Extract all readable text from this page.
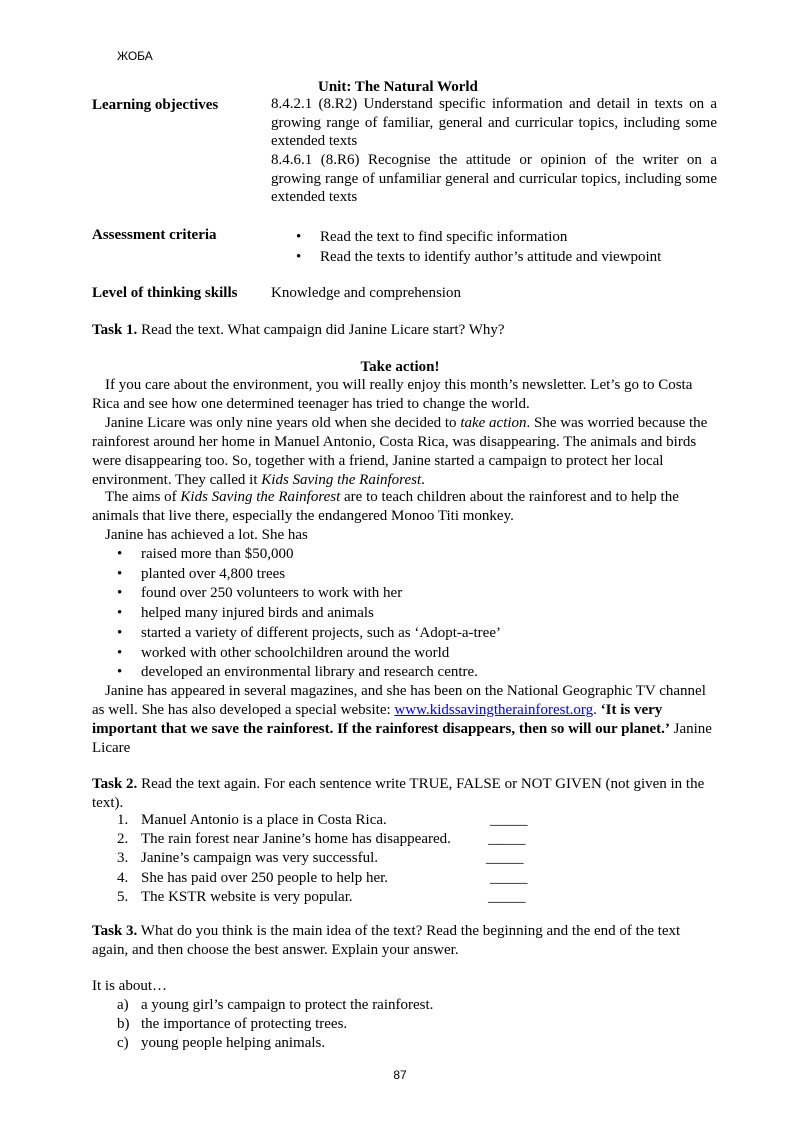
ЖОБА
Unit: The Natural World
Learning objectives	8.4.2.1 (8.R2) Understand specific information and detail in texts on a growing range of familiar, general and curricular topics, including some extended texts
8.4.6.1 (8.R6) Recognise the attitude or opinion of the writer on a growing range of unfamiliar general and curricular topics, including some extended texts
Assessment criteria
•	Read the text to find specific information
• Read the texts to identify author’s attitude and viewpoint
Level of thinking skills Knowledge and comprehension
Task 1. Read the text. What campaign did Janine Licare start? Why?
Take action!
If you care about the environment, you will really enjoy this month’s newsletter. Let’s go to Costa Rica and see how one determined teenager has tried to change the world.
Janine Licare was only nine years old when she decided to take action. She was worried because the rainforest around her home in Manuel Antonio, Costa Rica, was disappearing. The animals and birds were disappearing too. So, together with a friend, Janine started a campaign to protect her local environment. They called it Kids Saving the Rainforest.
The aims of Kids Saving the Rainforest are to teach children about the rainforest and to help the animals that live there, especially the endangered Monoo Titi monkey.
Janine has achieved a lot. She has
• raised more than $50,000
• planted over 4,800 trees
• found over 250 volunteers to work with her
• helped many injured birds and animals
• started a variety of different projects, such as ‘Adopt-a-tree’
• worked with other schoolchildren around the world
• developed an environmental library and research centre.
Janine has appeared in several magazines, and she has been on the National Geographic TV channel as well. She has also developed a special website: www.kidssavingtherainforest.org. ‘It is very important that we save the rainforest. If the rainforest disappears, then so will our planet.’ Janine Licare
Task 2. Read the text again. For each sentence write TRUE, FALSE or NOT GIVEN (not given in the text).
1. Manuel Antonio is a place in Costa Rica.	_____
2. The rain forest near Janine’s home has disappeared. _____
3. Janine’s campaign was very successful.	_____
4. She has paid over 250 people to help her.	_____
5. The KSTR website is very popular.	_____
Task 3. What do you think is the main idea of the text? Read the beginning and the end of the text again, and then choose the best answer. Explain your answer.
It is about…
a) a young girl’s campaign to protect the rainforest.
b) the importance of protecting trees.
c) young people helping animals.
87
